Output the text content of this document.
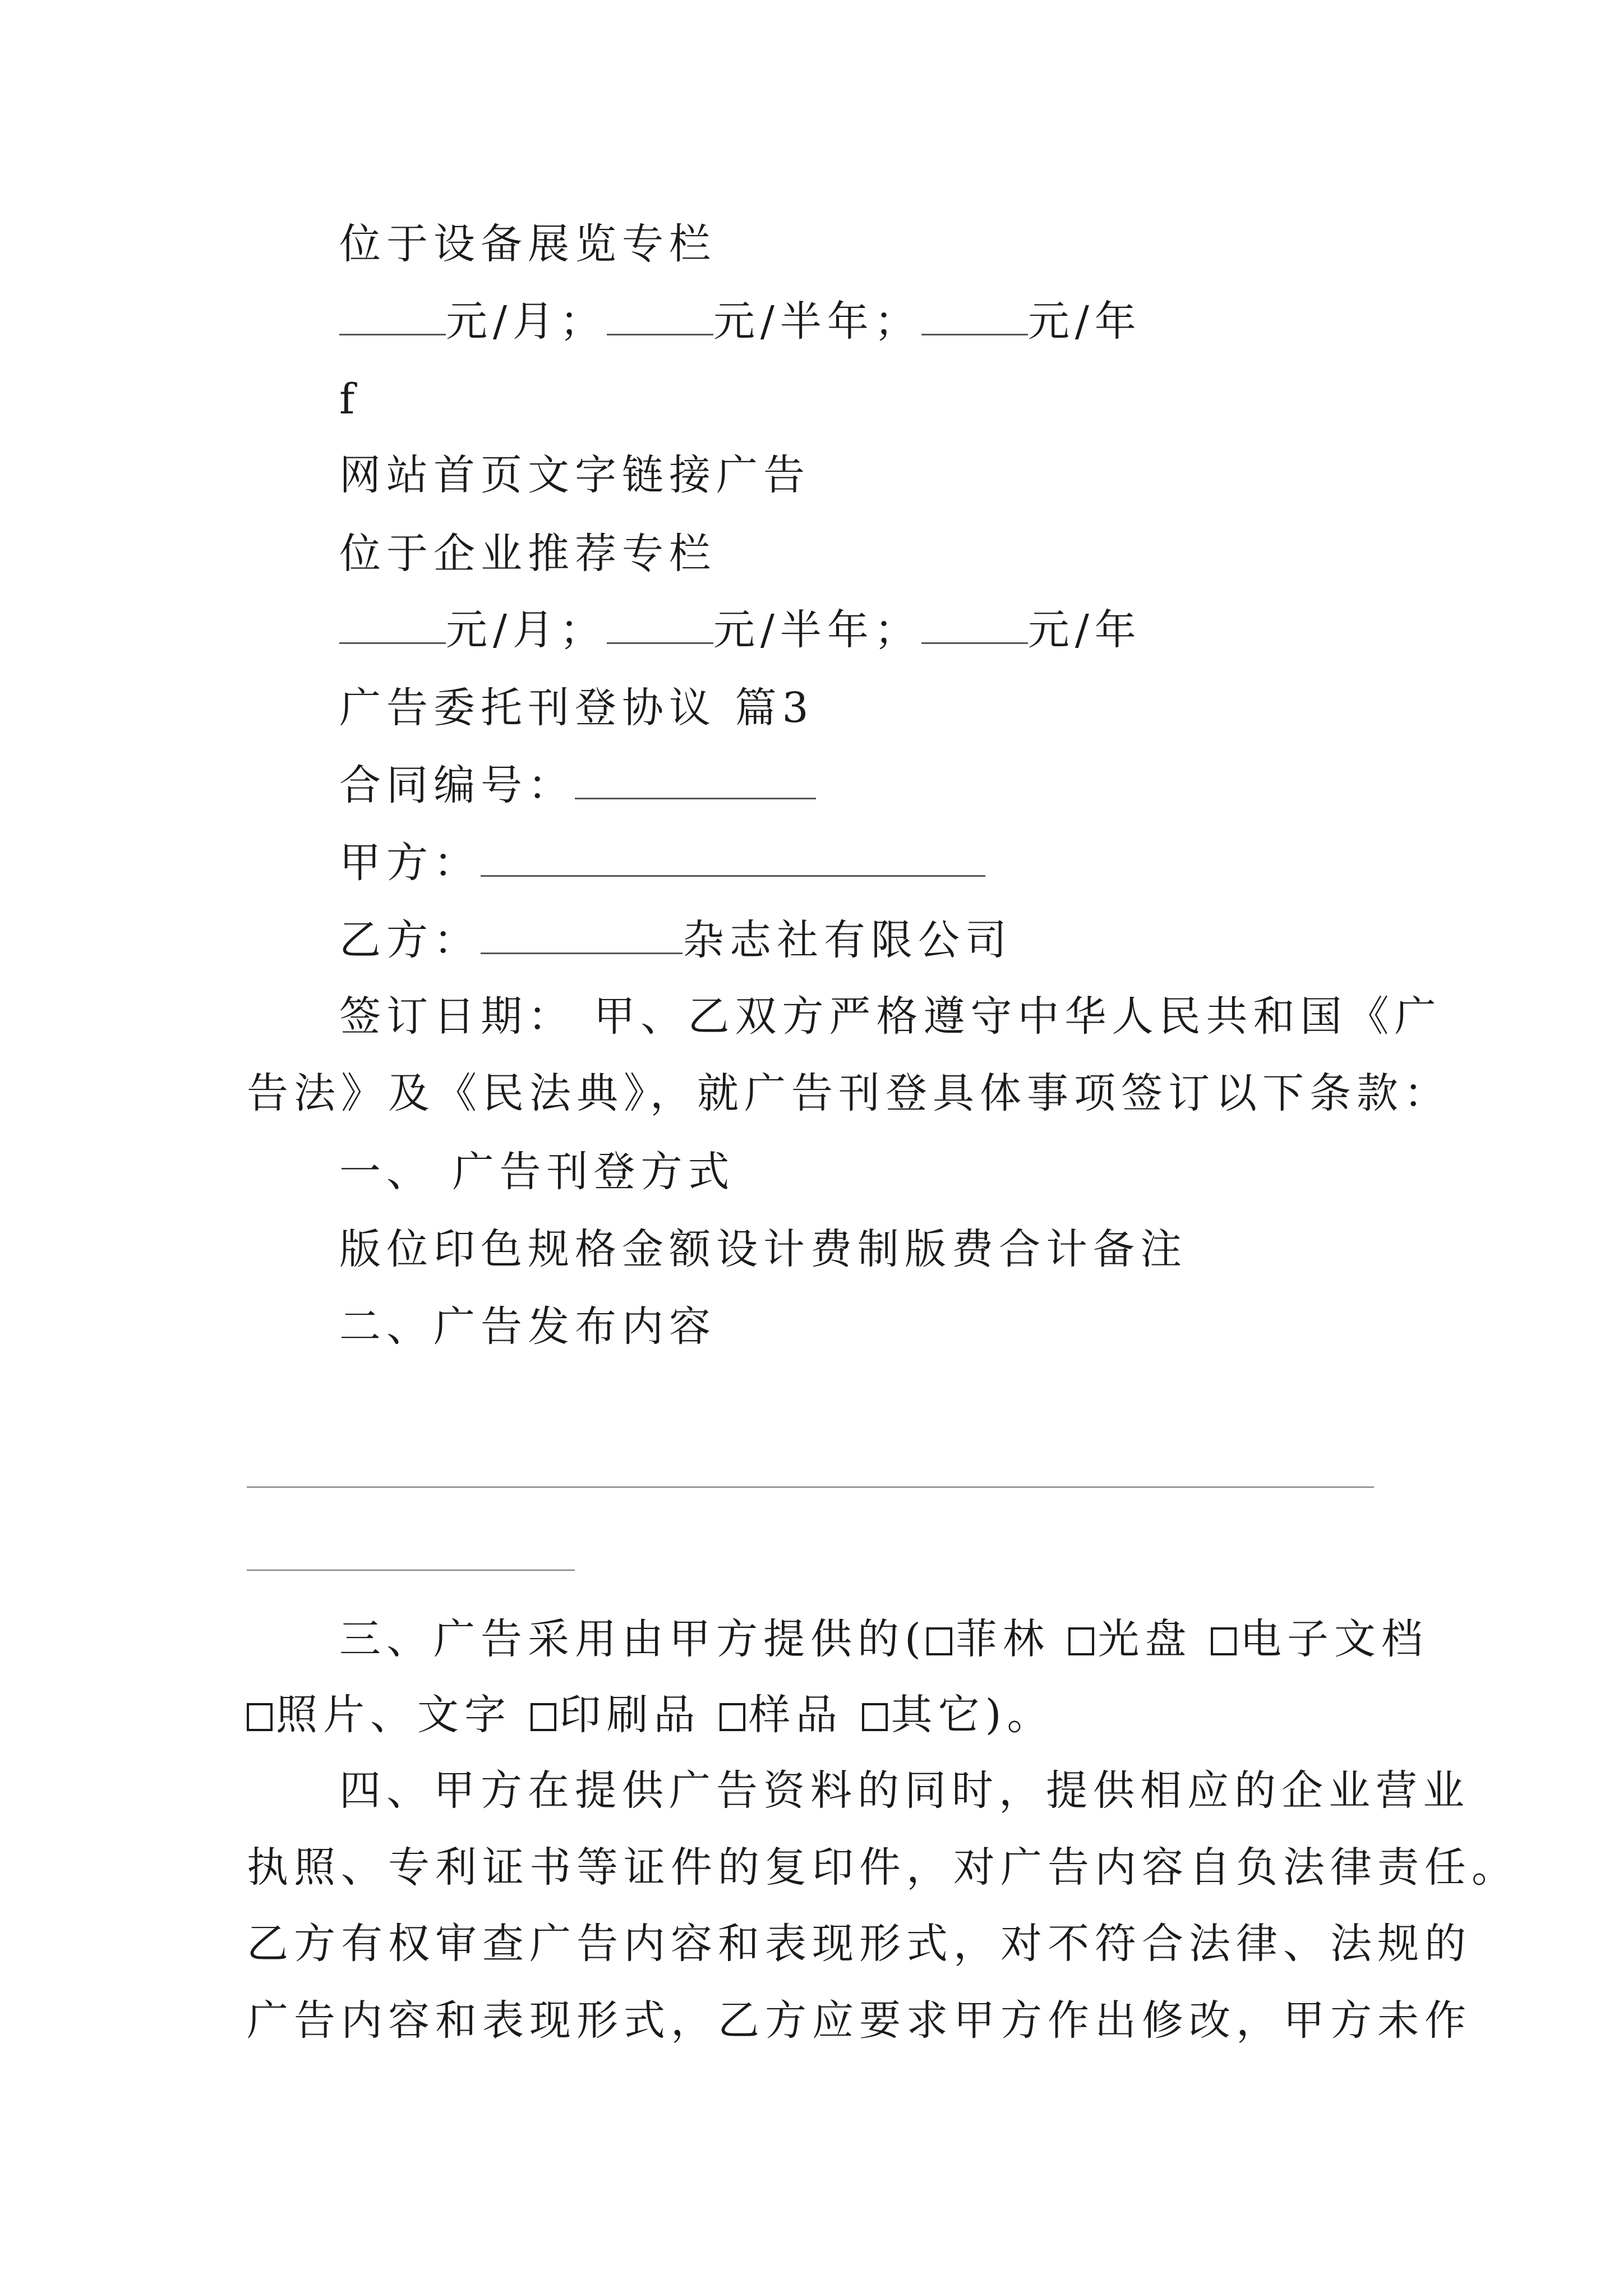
位于设备展览专栏
元/月；	元/半年；	元/年
f
网站首页文字链接广告
位于企业推荐专栏
元/月；	元/半年；	元/年
广告委托刊登协议 篇3
合同编号：
甲方：
乙方：	杂志社有限公司
签订日期： 甲、乙双方严格遵守中华人民共和国《广
告法》及《民法典》，就广告刊登具体事项签订以下条款：
一、 广告刊登方式
版位印色规格金额设计费制版费合计备注
二、广告发布内容
三、广告采用由甲方提供的( 菲林 光盘 电子文档
照片、文字 印刷品 样品 其它)。
四、甲方在提供广告资料的同时，提供相应的企业营业
执照、专利证书等证件的复印件，对广告内容自负法律责任。
乙方有权审查广告内容和表现形式，对不符合法律、法规的
广告内容和表现形式，乙方应要求甲方作出修改，甲方未作
